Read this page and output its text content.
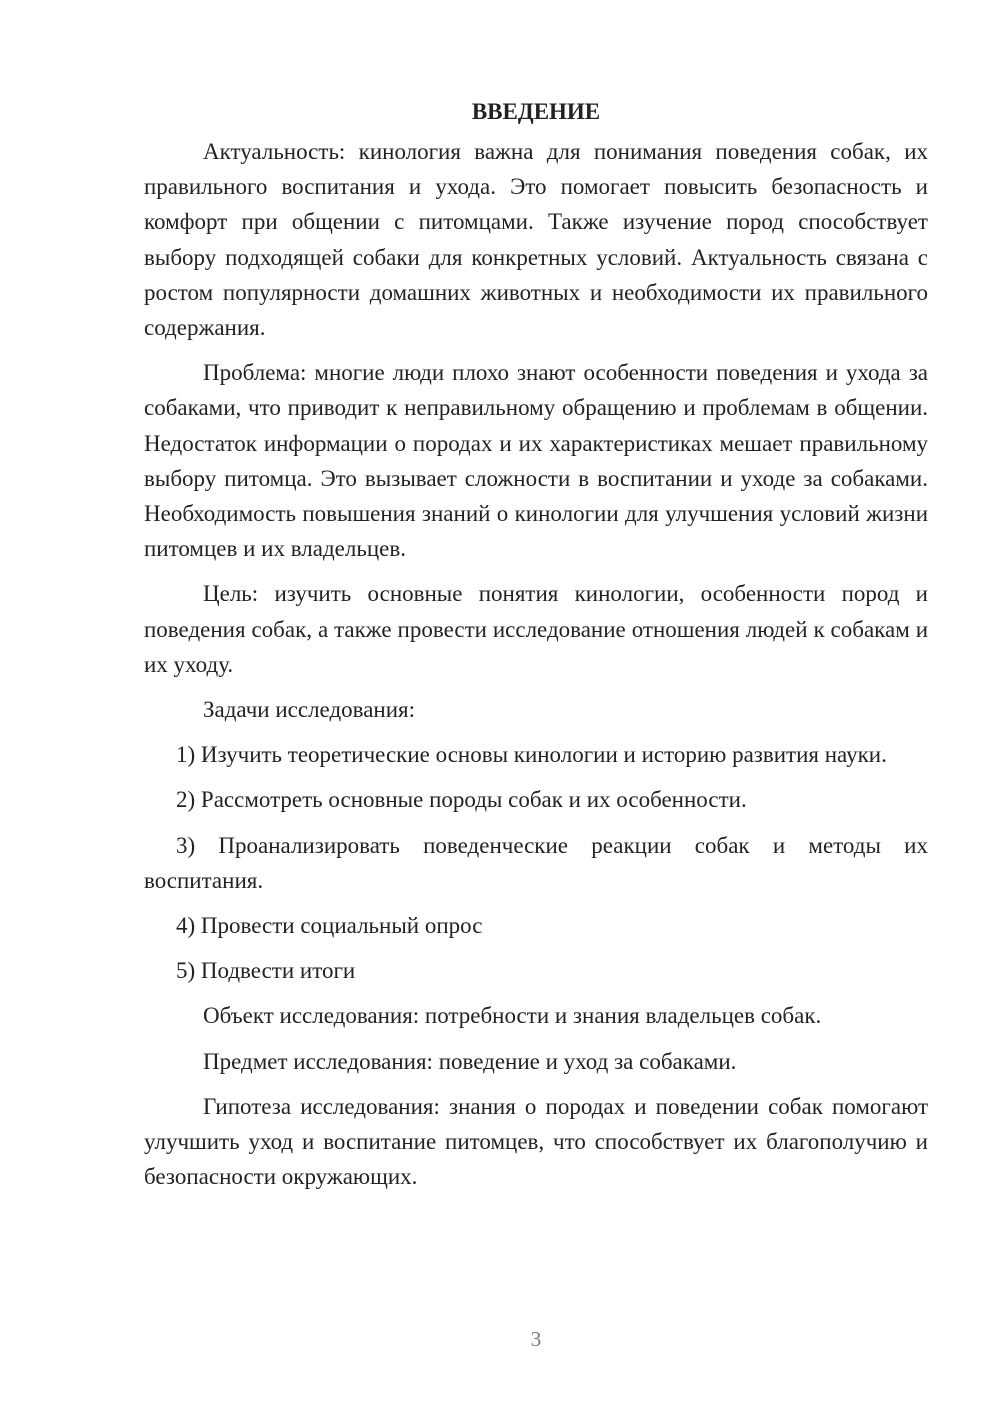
ВВЕДЕНИЕ

Актуальность: кинология важна для понимания поведения собак, их правильного воспитания и ухода. Это помогает повысить безопасность и комфорт при общении с питомцами. Также изучение пород способствует выбору подходящей собаки для конкретных условий. Актуальность связана с ростом популярности домашних животных и необходимости их правильного содержания.

Проблема: многие люди плохо знают особенности поведения и ухода за собаками, что приводит к неправильному обращению и проблемам в общении. Недостаток информации о породах и их характеристиках мешает правильному выбору питомца. Это вызывает сложности в воспитании и уходе за собаками. Необходимость повышения знаний о кинологии для улучшения условий жизни питомцев и их владельцев.

Цель: изучить основные понятия кинологии, особенности пород и поведения собак, а также провести исследование отношения людей к собакам и их уходу.

Задачи исследования:

1) Изучить теоретические основы кинологии и историю развития науки.

2) Рассмотреть основные породы собак и их особенности.

3) Проанализировать поведенческие реакции собак и методы их воспитания.

4) Провести социальный опрос

5) Подвести итоги

Объект исследования: потребности и знания владельцев собак.

Предмет исследования: поведение и уход за собаками.

Гипотеза исследования: знания о породах и поведении собак помогают улучшить уход и воспитание питомцев, что способствует их благополучию и безопасности окружающих.

3
